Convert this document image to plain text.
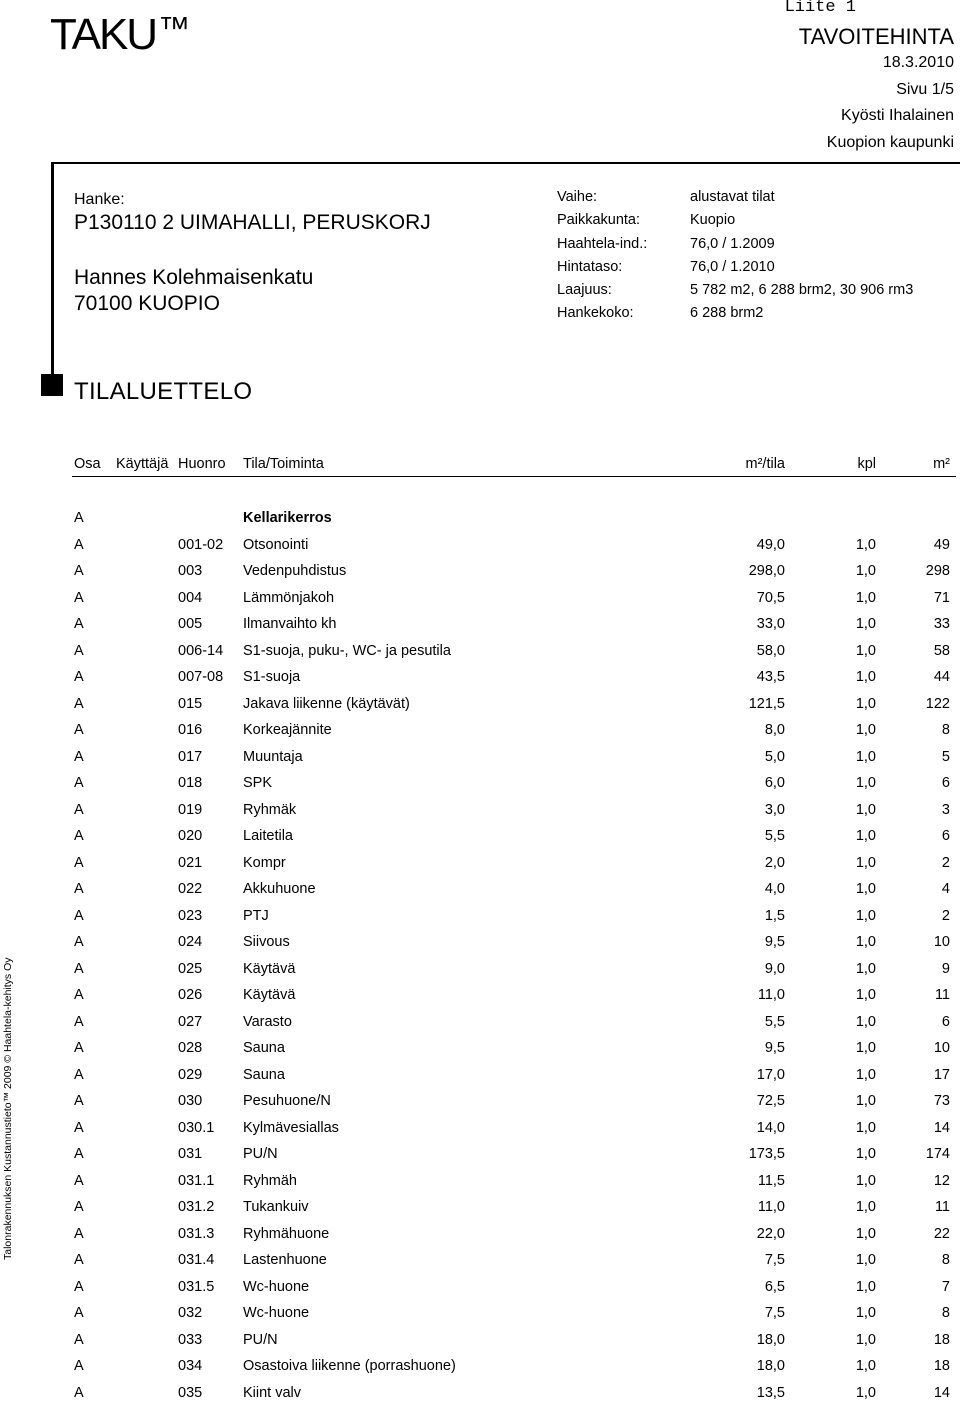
Liite 1
TAKU™	TAVOITEHINTA
18.3.2010
Sivu 1/5
Kyösti Ihalainen
Kuopion kaupunki
Hanke:
P130110 2 UIMAHALLI, PERUSKORJ
Hannes Kolehmaisenkatu
70100 KUOPIO
Vaihe:	alustavat tilat
Paikkakunta:	Kuopio
Haahtela-ind.:	76,0 / 1.2009
Hintataso:	76,0 / 1.2010
Laajuus:	5 782 m2, 6 288 brm2, 30 906 rm3
Hankekoko:	6 288 brm2
TILALUETTELO
Osa Käyttäjä Huonro Tila/Toiminta	m²/tila	kpl	m²
A	Kellarikerros
A	001-02 Otsonointi	49,0	1,0	49
A	003	Vedenpuhdistus	298,0	1,0	298
A	004	Lämmönjakoh	70,5	1,0	71
A	005	Ilmanvaihto kh	33,0	1,0	33
A	006-14 S1-suoja, puku-, WC- ja pesutila	58,0	1,0	58
A	007-08 S1-suoja	43,5	1,0	44
A	015	Jakava liikenne (käytävät)	121,5	1,0	122
A	016	Korkeajännite	8,0	1,0	8
A	017	Muuntaja	5,0	1,0	5
A	018	SPK	6,0	1,0	6
A	019	Ryhmäk	3,0	1,0	3
A	020	Laitetila	5,5	1,0	6
A	021	Kompr	2,0	1,0	2
A	022	Akkuhuone	4,0	1,0	4
A	023	PTJ	1,5	1,0	2
A	024	Siivous	9,5	1,0	10
A	025	Käytävä	9,0	1,0	9
A	026	Käytävä	11,0	1,0	11
A	027	Varasto	5,5	1,0	6
A	028	Sauna	9,5	1,0	10
A	029	Sauna	17,0	1,0	17
A	030	Pesuhuone/N	72,5	1,0	73
A	030.1 Kylmävesiallas	14,0	1,0	14
A	031	PU/N	173,5	1,0	174
A	031.1 Ryhmäh	11,5	1,0	12
A	031.2 Tukankuiv	11,0	1,0	11
A	031.3 Ryhmähuone	22,0	1,0	22
A	031.4 Lastenhuone	7,5	1,0	8
A	031.5 Wc-huone	6,5	1,0	7
A	032	Wc-huone	7,5	1,0	8
A	033	PU/N	18,0	1,0	18
A	034	Osastoiva liikenne (porrashuone)	18,0	1,0	18
A	035	Kiint valv	13,5	1,0	14
Talonrakennuksen Kustannustieto™ 2009 © Haahtela-kehitys Oy
